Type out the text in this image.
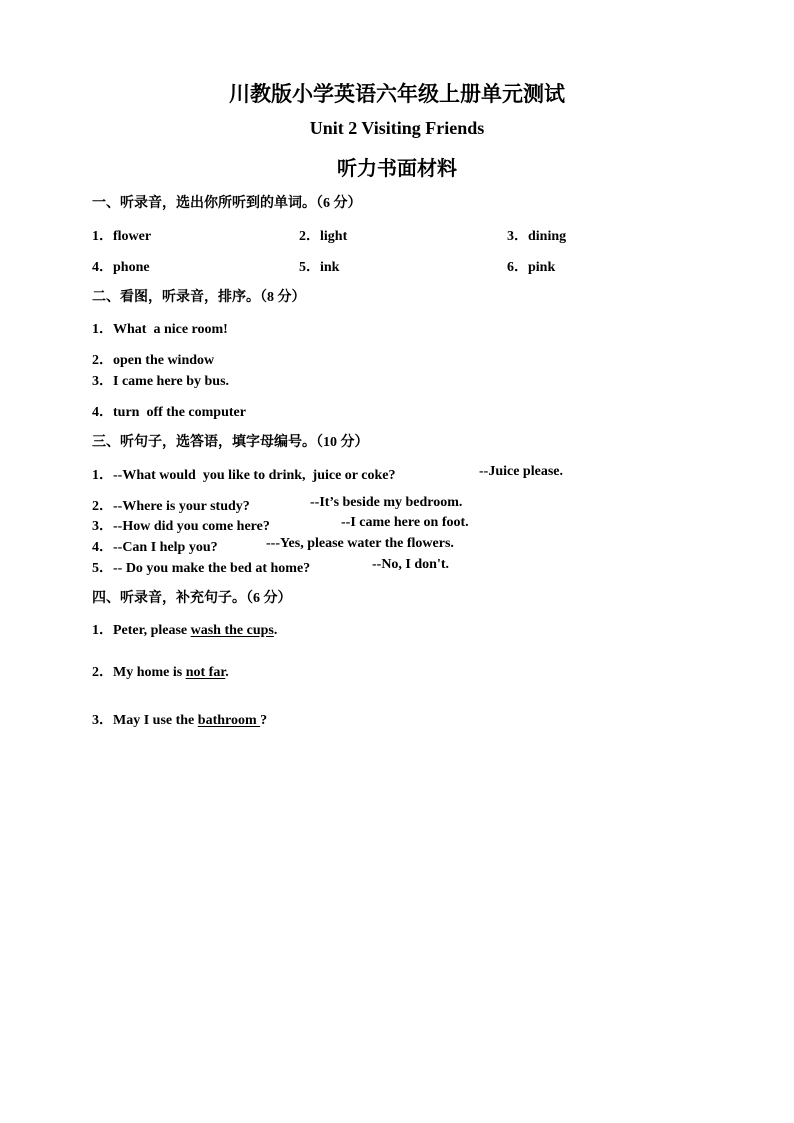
川教版小学英语六年级上册单元测试
Unit 2 Visiting Friends
听力书面材料
一、听录音，选出你所听到的单词。（6 分）
1．flower	2．light	3．dining
4．phone	5．ink	6．pink
二、看图，听录音，排序。（8 分）
1．What  a nice room!
2．open the window
3．I came here by bus.
4．turn  off the computer
三、听句子，选答语，填字母编号。（10 分）
1．--What would  you like to drink,  juice or coke?	--Juice please.
2．--Where is your study?	--It’s beside my bedroom.
3．--How did you come here?	--I came here on foot.
4．--Can I help you?	---Yes, please water the flowers.
5．-- Do you make the bed at home?	--No, I don't.
四、听录音，补充句子。（6 分）
1．Peter, please wash the cups.
2．My home is not far.
3．May I use the bathroom ?
